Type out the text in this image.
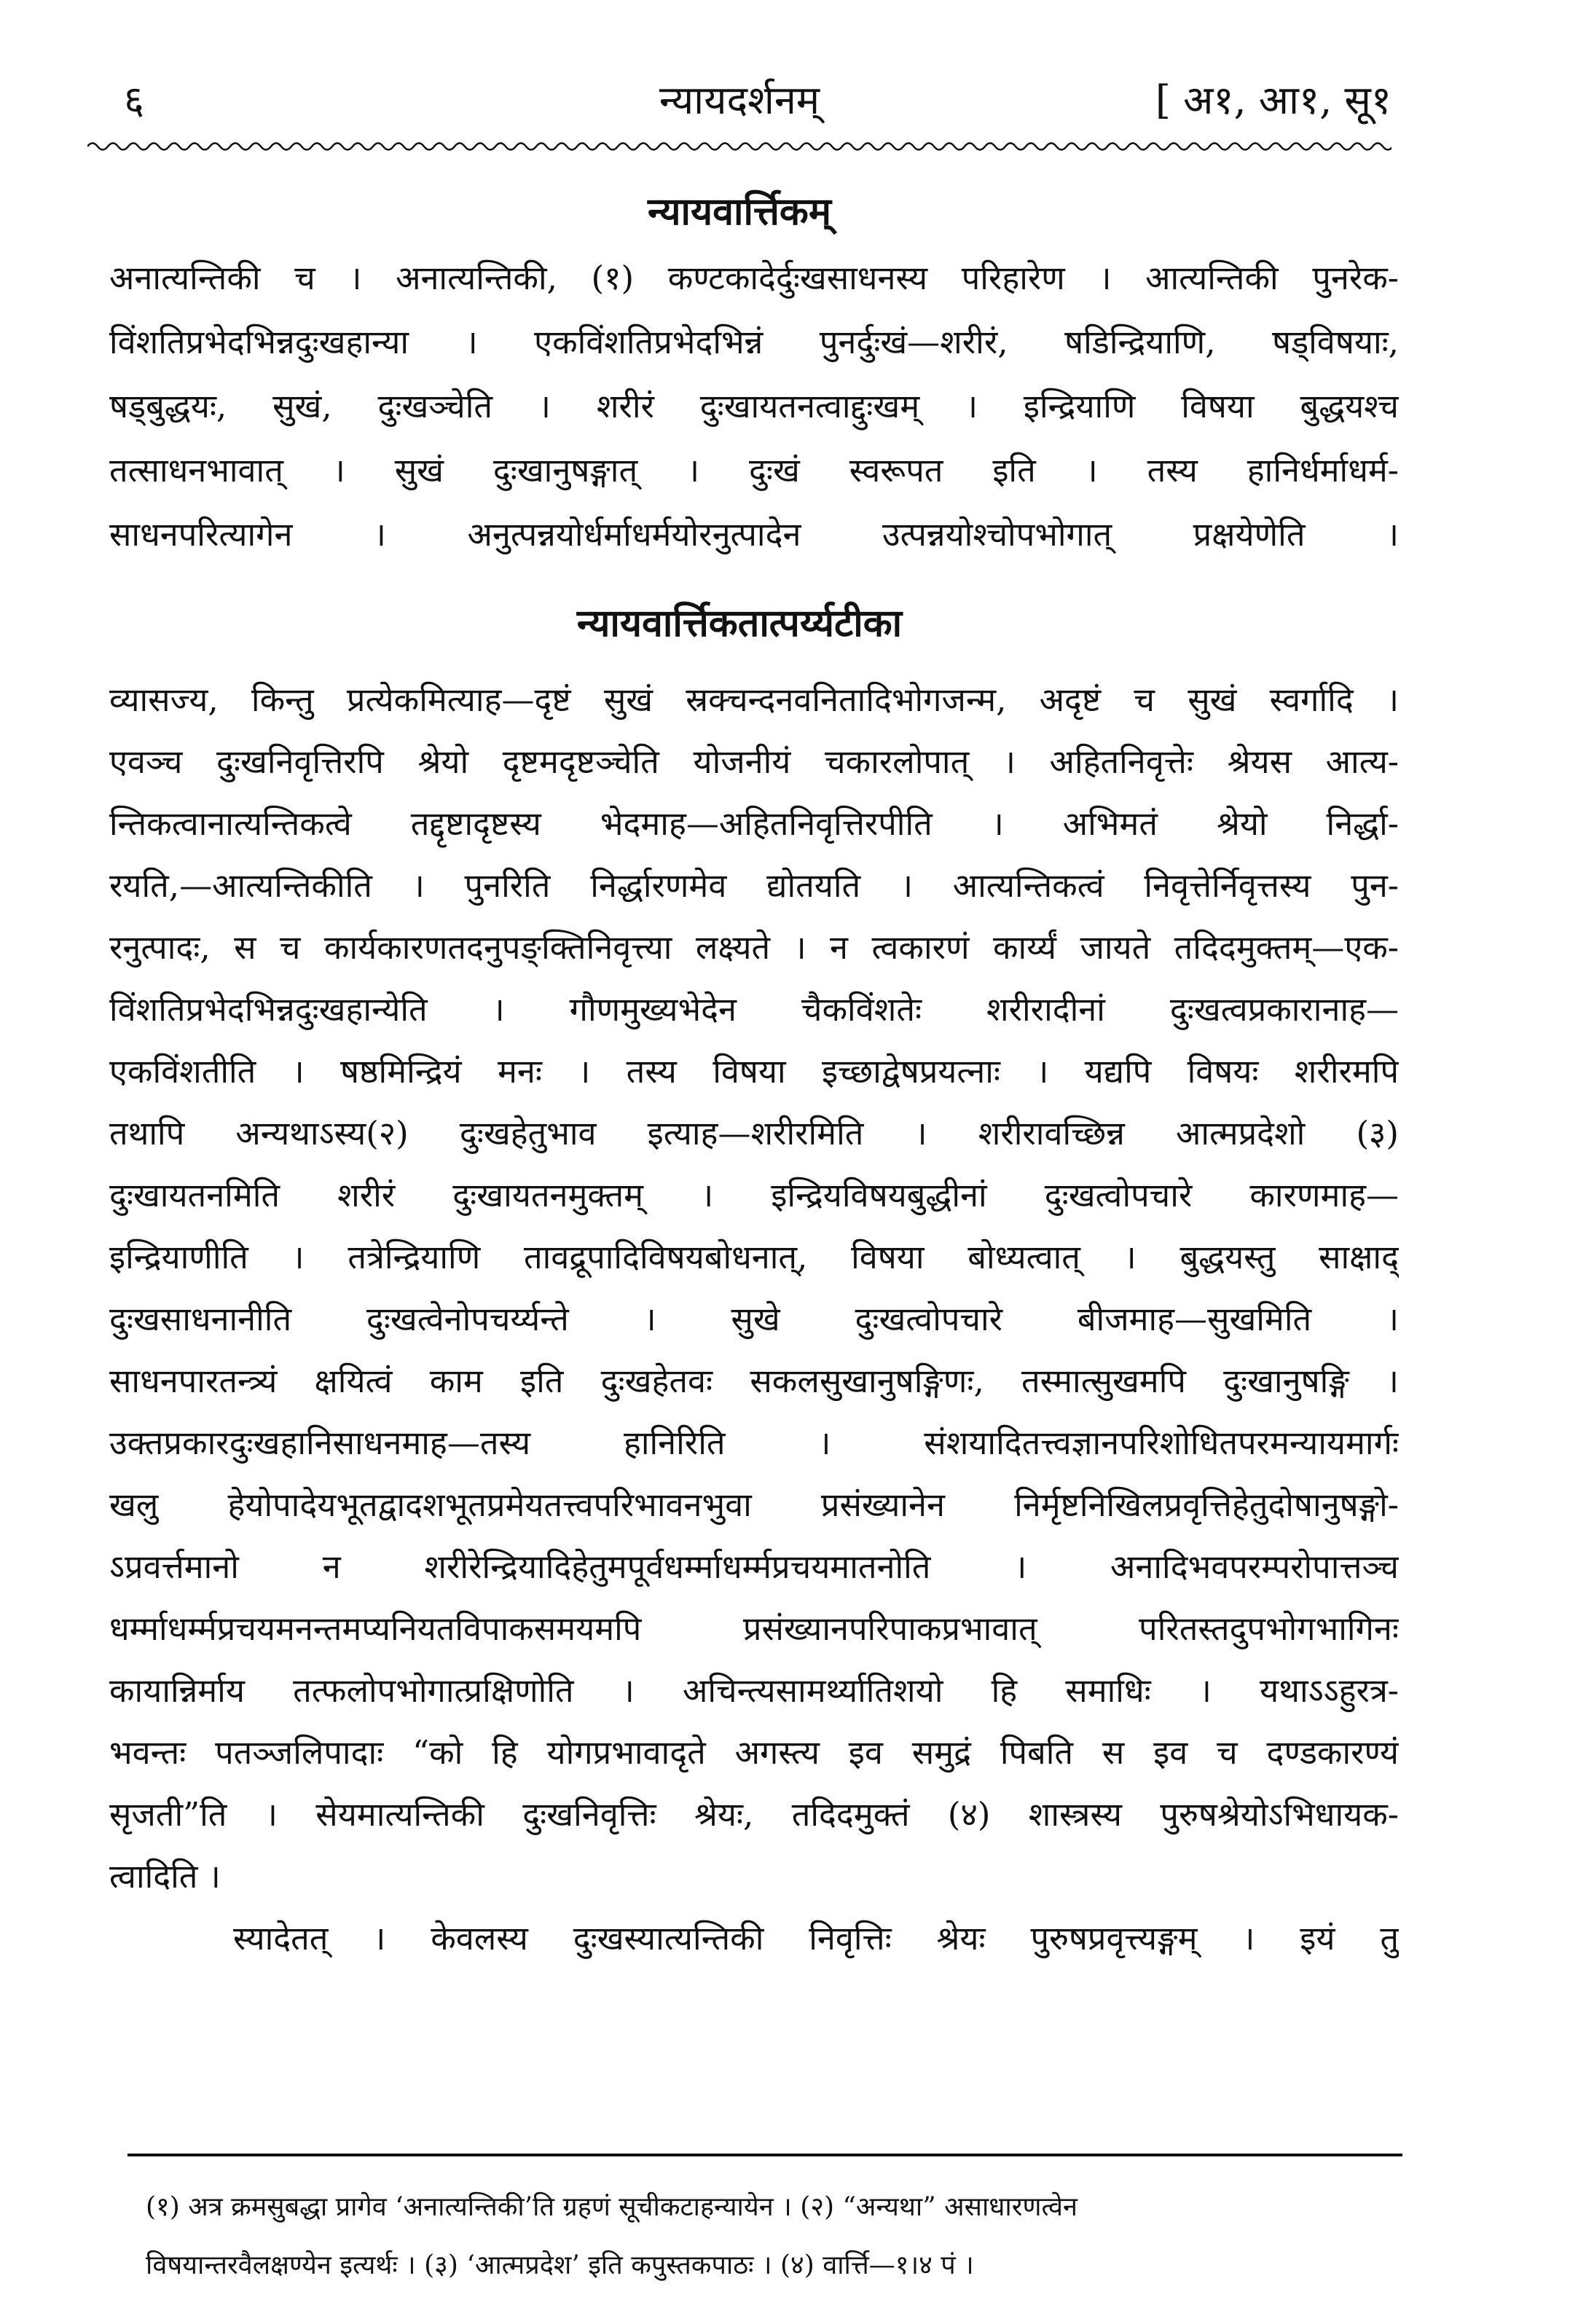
६	न्यायदर्शनम्	[ अ१, आ१, सू१
न्यायवार्त्तिकम्
अनात्यन्तिकी च । अनात्यन्तिकी, (१) कण्टकादेर्दुःखसाधनस्य परिहारेण । आत्यन्तिकी पुनरेक-
विंशतिप्रभेदभिन्नदुःखहान्या । एकविंशतिप्रभेदभिन्नं पुनर्दुःखं—शरीरं, षडिन्द्रियाणि, षड्विषयाः,
षड्बुद्धयः, सुखं, दुःखञ्चेति । शरीरं दुःखायतनत्वाद्दुःखम् । इन्द्रियाणि विषया बुद्धयश्च
तत्साधनभावात् । सुखं दुःखानुषङ्गात् । दुःखं स्वरूपत इति । तस्य हानिर्धर्माधर्म-
साधनपरित्यागेन । अनुत्पन्नयोर्धर्माधर्मयोरनुत्पादेन उत्पन्नयोश्चोपभोगात् प्रक्षयेणेति ।
न्यायवार्त्तिकतात्पर्य्यटीका
व्यासज्य, किन्तु प्रत्येकमित्याह—दृष्टं सुखं स्रक्चन्दनवनितादिभोगजन्म, अदृष्टं च सुखं स्वर्गादि ।
एवञ्च दुःखनिवृत्तिरपि श्रेयो दृष्टमदृष्टञ्चेति योजनीयं चकारलोपात् । अहितनिवृत्तेः श्रेयस आत्य-
न्तिकत्वानात्यन्तिकत्वे तद्दृष्टादृष्टस्य भेदमाह—अहितनिवृत्तिरपीति । अभिमतं श्रेयो निर्द्धा-
रयति,—आत्यन्तिकीति । पुनरिति निर्द्धारणमेव द्योतयति । आत्यन्तिकत्वं निवृत्तेर्निवृत्तस्य पुन-
रनुत्पादः, स च कार्यकारणतदनुपङ्क्तिनिवृत्त्या लक्ष्यते । न त्वकारणं कार्य्यं जायते तदिदमुक्तम्—एक-
विंशतिप्रभेदभिन्नदुःखहान्येति । गौणमुख्यभेदेन चैकविंशतेः शरीरादीनां दुःखत्वप्रकारानाह—
एकविंशतीति । षष्ठमिन्द्रियं मनः । तस्य विषया इच्छाद्वेषप्रयत्नाः । यद्यपि विषयः शरीरमपि
तथापि अन्यथाऽस्य(२) दुःखहेतुभाव इत्याह—शरीरमिति । शरीरावच्छिन्न आत्मप्रदेशो (३)
दुःखायतनमिति शरीरं दुःखायतनमुक्तम् । इन्द्रियविषयबुद्धीनां दुःखत्वोपचारे कारणमाह—
इन्द्रियाणीति । तत्रेन्द्रियाणि तावद्रूपादिविषयबोधनात्, विषया बोध्यत्वात् । बुद्धयस्तु साक्षाद्
दुःखसाधनानीति दुःखत्वेनोपचर्य्यन्ते । सुखे दुःखत्वोपचारे बीजमाह—सुखमिति ।
साधनपारतन्त्र्यं क्षयित्वं काम इति दुःखहेतवः सकलसुखानुषङ्गिणः, तस्मात्सुखमपि दुःखानुषङ्गि ।
उक्तप्रकारदुःखहानिसाधनमाह—तस्य हानिरिति । संशयादितत्त्वज्ञानपरिशोधितपरमन्यायमार्गः
खलु हेयोपादेयभूतद्वादशभूतप्रमेयतत्त्वपरिभावनभुवा प्रसंख्यानेन निर्मृष्टनिखिलप्रवृत्तिहेतुदोषानुषङ्गो-
ऽप्रवर्त्तमानो न शरीरेन्द्रियादिहेतुमपूर्वधर्म्माधर्म्मप्रचयमातनोति । अनादिभवपरम्परोपात्तञ्च
धर्म्माधर्म्मप्रचयमनन्तमप्यनियतविपाकसमयमपि प्रसंख्यानपरिपाकप्रभावात् परितस्तदुपभोगभागिनः
कायान्निर्माय तत्फलोपभोगात्प्रक्षिणोति । अचिन्त्यसामर्थ्यातिशयो हि समाधिः । यथाऽऽहुरत्र-
भवन्तः पतञ्जलिपादाः “को हि योगप्रभावादृते अगस्त्य इव समुद्रं पिबति स इव च दण्डकारण्यं
सृजती”ति । सेयमात्यन्तिकी दुःखनिवृत्तिः श्रेयः, तदिदमुक्तं (४) शास्त्रस्य पुरुषश्रेयोऽभिधायक-
त्वादिति ।
स्यादेतत् । केवलस्य दुःखस्यात्यन्तिकी निवृत्तिः श्रेयः पुरुषप्रवृत्त्यङ्गम् । इयं तु
(१) अत्र क्रमसुबद्धा प्रागेव ‘अनात्यन्तिकी’ति ग्रहणं सूचीकटाहन्यायेन । (२) “अन्यथा” असाधारणत्वेन
विषयान्तरवैलक्षण्येन इत्यर्थः । (३) ‘आत्मप्रदेश’ इति कपुस्तकपाठः । (४) वार्त्ति—१।४ पं ।
